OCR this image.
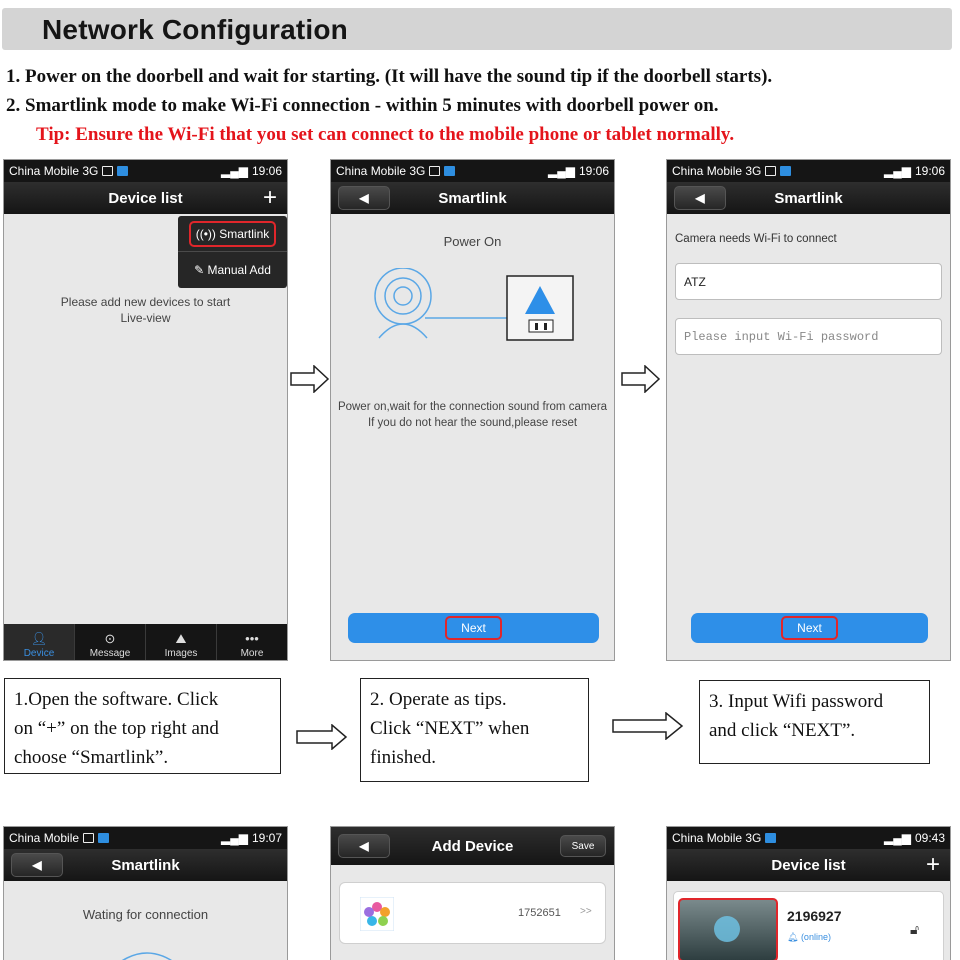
Network Configuration
1. Power on the doorbell and wait for starting. (It will have the sound tip if the doorbell starts).
2. Smartlink mode to make Wi-Fi connection - within 5 minutes with doorbell power on.
Tip: Ensure the Wi-Fi that you set can connect to the mobile phone or tablet normally.
China Mobile 3G	▂▄▆ 19:06
Device list	+
((•)) Smartlink
✎ Manual Add
Please add new devices to start
Live-view
👤︎
Device
⊙
Message
⛰︎
Images
•••
More
China Mobile 3G	▂▄▆ 19:06
◀	Smartlink
Power On
Power on,wait for the connection sound from camera
If you do not hear the sound,please reset
Next
China Mobile 3G	▂▄▆ 19:06
◀	Smartlink
Camera needs Wi-Fi to connect
ATZ
Please input Wi-Fi password
Next
1.Open the software. Click
on “+” on the top right and
choose “Smartlink”.
2. Operate as tips.
Click “NEXT” when
finished.
3. Input Wifi password
and click “NEXT”.
China Mobile	▂▄▆ 19:07
◀	Smartlink
Wating for connection
◀	Add Device	Save
1752651 >>
China Mobile 3G	▂▄▆ 09:43
Device list	+
2196927
🔔︎ (online)	🔓︎
